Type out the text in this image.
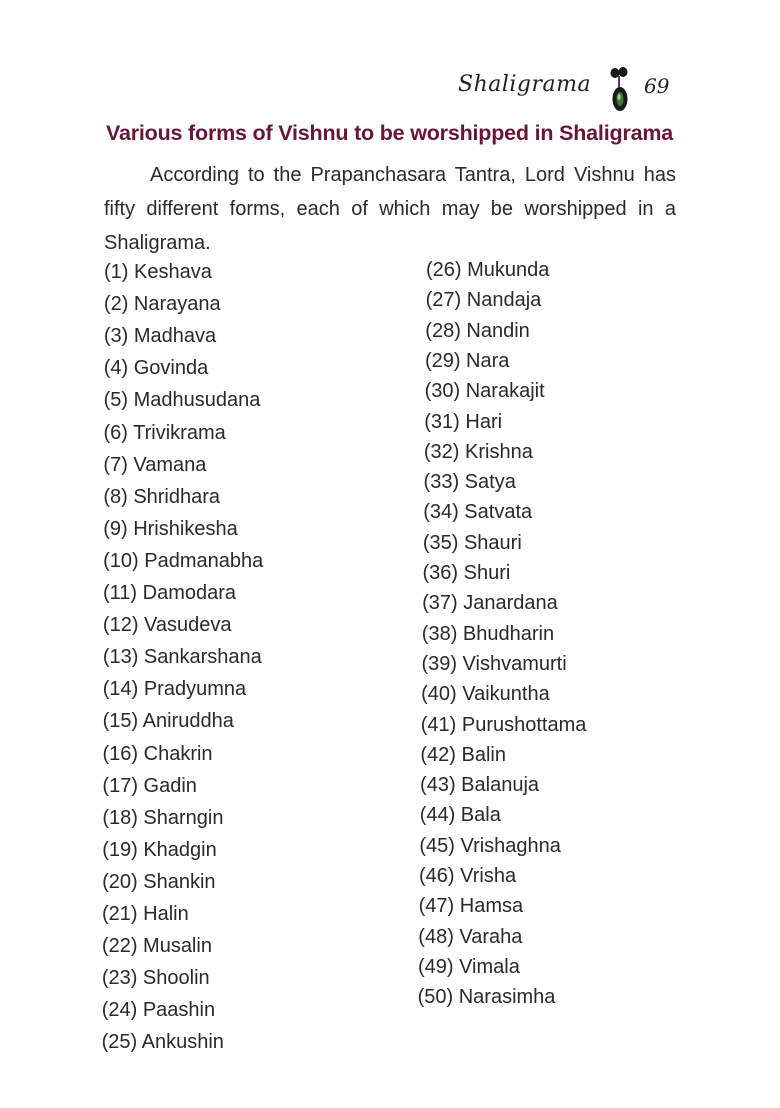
Shaligrama	69
Various forms of Vishnu to be worshipped in Shaligrama
According to the Prapanchasara Tantra, Lord Vishnu has
fifty different forms, each of which may be worshipped in a
Shaligrama.
(1) Keshava
(2) Narayana
(3) Madhava
(4) Govinda
(5) Madhusudana
(6) Trivikrama
(7) Vamana
(8) Shridhara
(9) Hrishikesha
(10) Padmanabha
(11) Damodara
(12) Vasudeva
(13) Sankarshana
(14) Pradyumna
(15) Aniruddha
(16) Chakrin
(17) Gadin
(18) Sharngin
(19) Khadgin
(20) Shankin
(21) Halin
(22) Musalin
(23) Shoolin
(24) Paashin
(25) Ankushin
(26) Mukunda
(27) Nandaja
(28) Nandin
(29) Nara
(30) Narakajit
(31) Hari
(32) Krishna
(33) Satya
(34) Satvata
(35) Shauri
(36) Shuri
(37) Janardana
(38) Bhudharin
(39) Vishvamurti
(40) Vaikuntha
(41) Purushottama
(42) Balin
(43) Balanuja
(44) Bala
(45) Vrishaghna
(46) Vrisha
(47) Hamsa
(48) Varaha
(49) Vimala
(50) Narasimha
